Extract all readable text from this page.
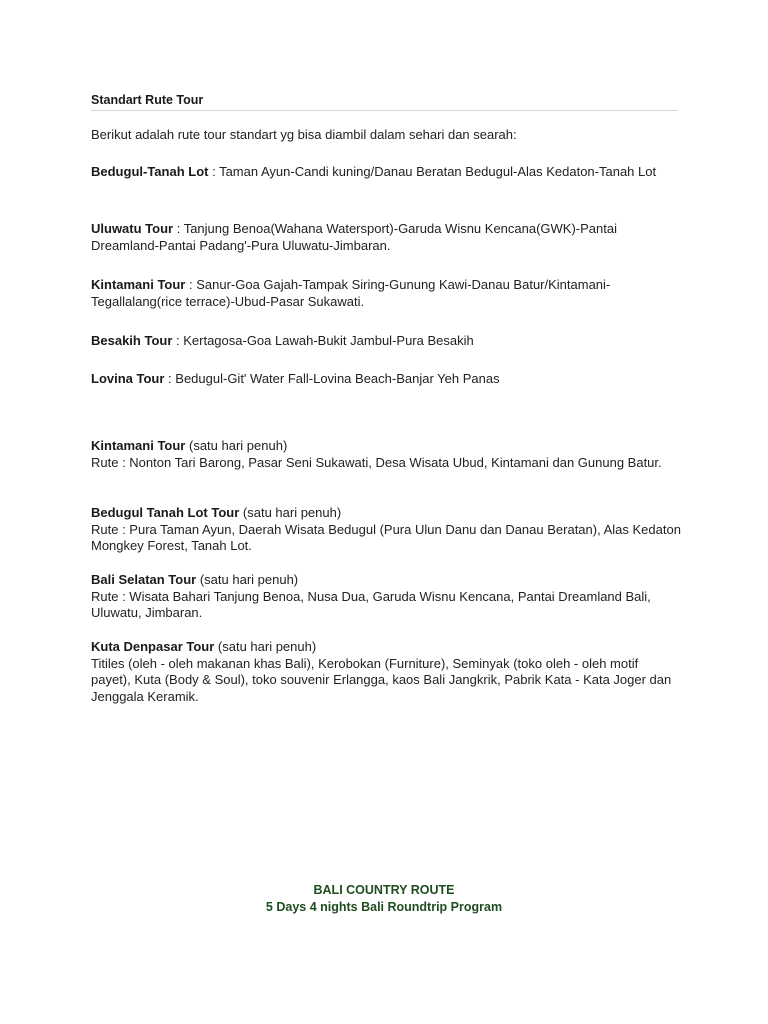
Standart Rute Tour
Berikut adalah rute tour standart yg bisa diambil dalam sehari dan searah:
Bedugul-Tanah Lot : Taman Ayun-Candi kuning/Danau Beratan Bedugul-Alas Kedaton-Tanah Lot
Uluwatu Tour : Tanjung Benoa(Wahana Watersport)-Garuda Wisnu Kencana(GWK)-Pantai Dreamland-Pantai Padang'-Pura Uluwatu-Jimbaran.
Kintamani Tour : Sanur-Goa Gajah-Tampak Siring-Gunung Kawi-Danau Batur/Kintamani-Tegallalang(rice terrace)-Ubud-Pasar Sukawati.
Besakih Tour : Kertagosa-Goa Lawah-Bukit Jambul-Pura Besakih
Lovina Tour : Bedugul-Git' Water Fall-Lovina Beach-Banjar Yeh Panas
Kintamani Tour (satu hari penuh)
Rute : Nonton Tari Barong, Pasar Seni Sukawati, Desa Wisata Ubud, Kintamani dan Gunung Batur.
Bedugul Tanah Lot Tour (satu hari penuh)
Rute : Pura Taman Ayun, Daerah Wisata Bedugul (Pura Ulun Danu dan Danau Beratan), Alas Kedaton Mongkey Forest, Tanah Lot.
Bali Selatan Tour (satu hari penuh)
Rute : Wisata Bahari Tanjung Benoa, Nusa Dua, Garuda Wisnu Kencana, Pantai Dreamland Bali, Uluwatu, Jimbaran.
Kuta Denpasar Tour (satu hari penuh)
Titiles (oleh - oleh makanan khas Bali), Kerobokan (Furniture), Seminyak (toko oleh - oleh motif payet), Kuta (Body & Soul), toko souvenir Erlangga, kaos Bali Jangkrik, Pabrik Kata - Kata Joger dan Jenggala Keramik.
BALI COUNTRY ROUTE
5 Days 4 nights Bali Roundtrip Program
